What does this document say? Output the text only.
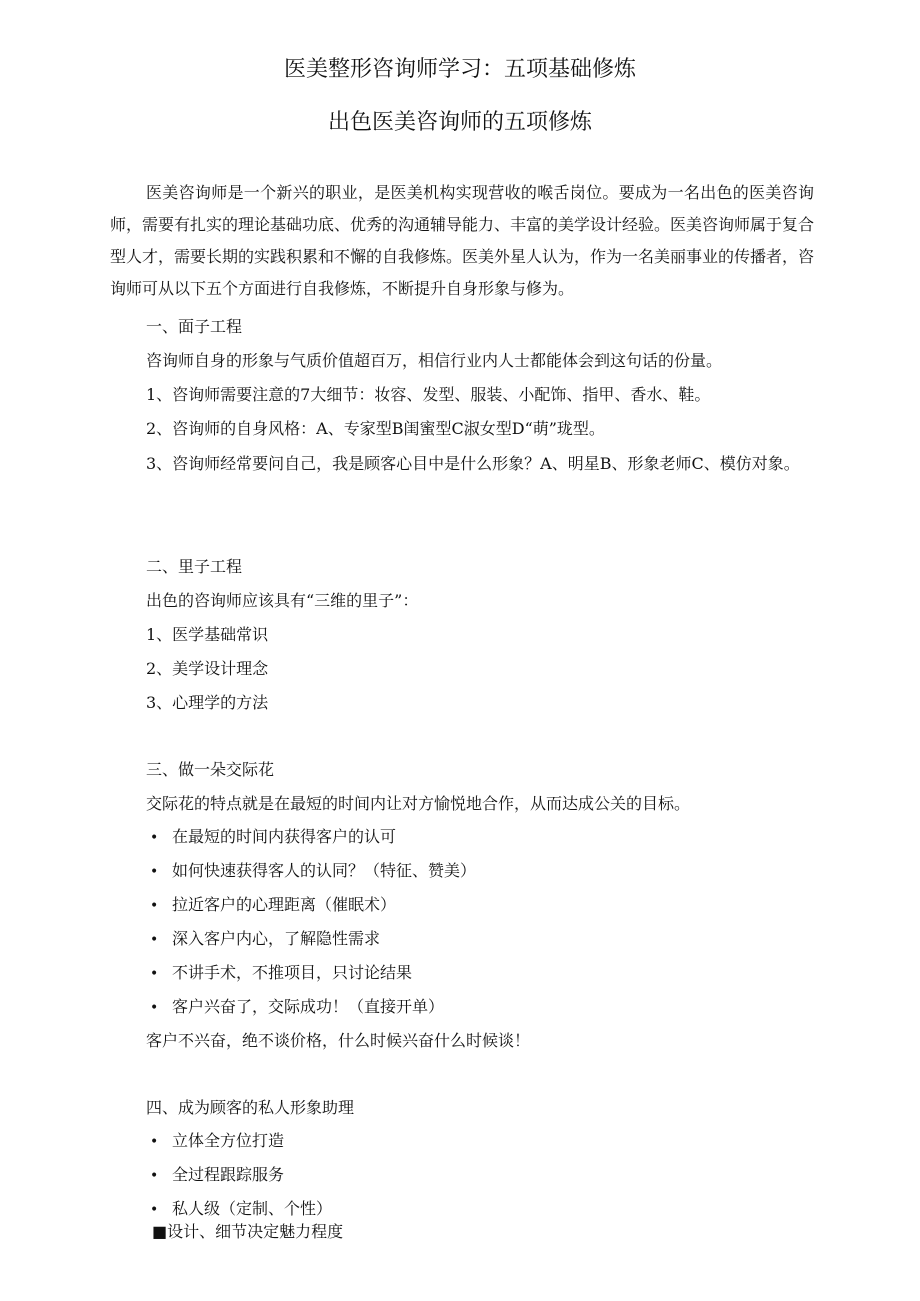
医美整形咨询师学习：五项基础修炼
出色医美咨询师的五项修炼

医美咨询师是一个新兴的职业，是医美机构实现营收的喉舌岗位。要成为一名出色的医美咨询师，需要有扎实的理论基础功底、优秀的沟通辅导能力、丰富的美学设计经验。医美咨询师属于复合型人才，需要长期的实践积累和不懈的自我修炼。医美外星人认为，作为一名美丽事业的传播者，咨询师可从以下五个方面进行自我修炼，不断提升自身形象与修为。

一、面子工程
咨询师自身的形象与气质价值超百万，相信行业内人士都能体会到这句话的份量。
1、咨询师需要注意的7大细节：妆容、发型、服装、小配饰、指甲、香水、鞋。
2、咨询师的自身风格：A、专家型B闺蜜型C淑女型D“萌”珑型。

3、咨询师经常要问自己，我是顾客心目中是什么形象？A、明星B、形象老师C、模仿对象。

二、里子工程
出色的咨询师应该具有“三维的里子”：
1、医学基础常识
2、美学设计理念
3、心理学的方法
三、做一朵交际花
交际花的特点就是在最短的时间内让对方愉悦地合作，从而达成公关的目标。
• 在最短的时间内获得客户的认可
• 如何快速获得客人的认同？（特征、赞美）
• 拉近客户的心理距离（催眠术）
• 深入客户内心，了解隐性需求
• 不讲手术，不推项目，只讨论结果
• 客户兴奋了，交际成功！（直接开单）
客户不兴奋，绝不谈价格，什么时候兴奋什么时候谈！
四、成为顾客的私人形象助理
• 立体全方位打造
• 全过程跟踪服务
• 私人级（定制、个性）
■设计、细节决定魅力程度
